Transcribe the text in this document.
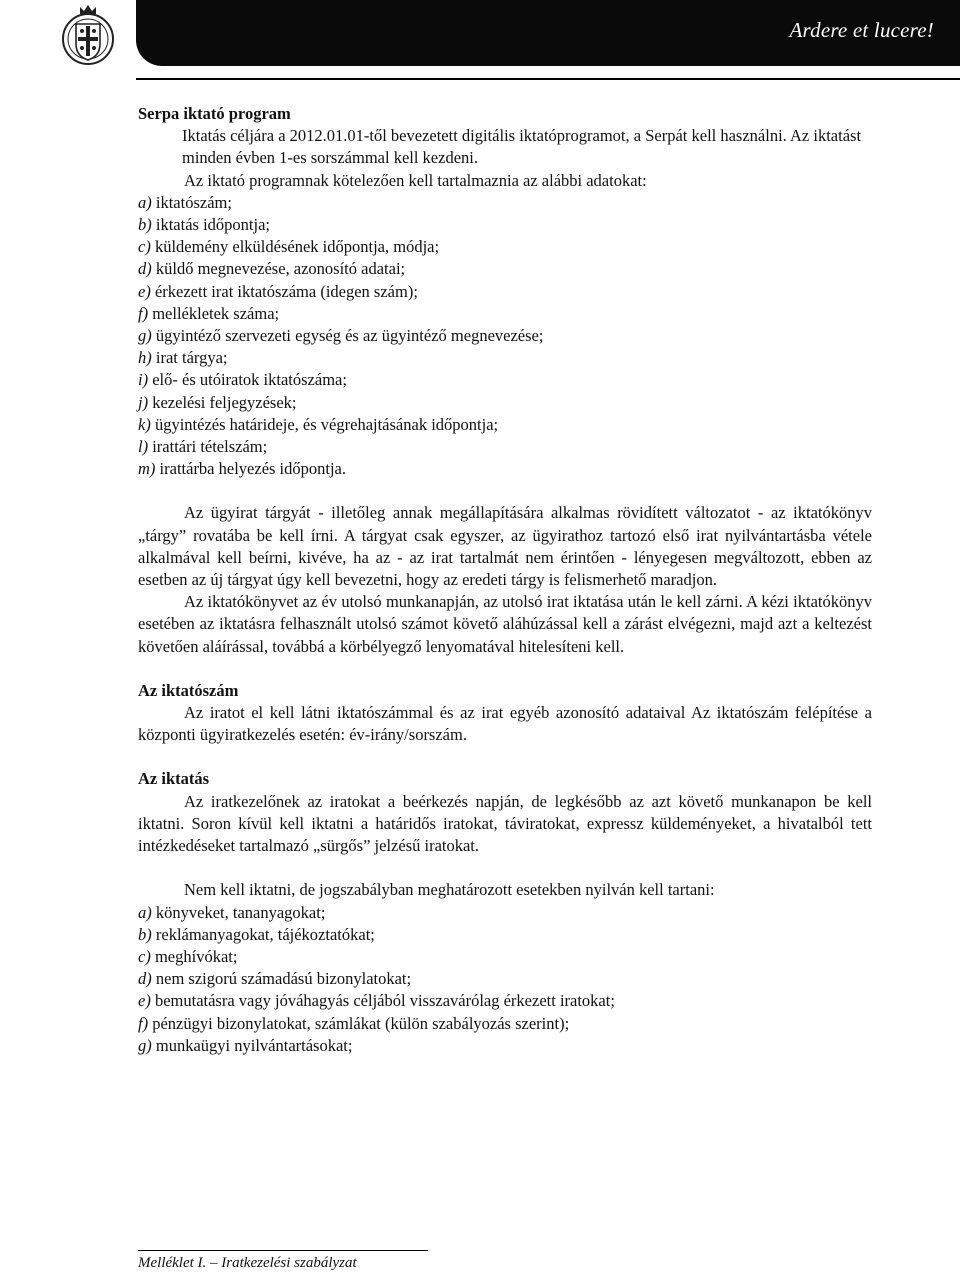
Ardere et lucere!

Serpa iktató program

Iktatás céljára a 2012.01.01-től bevezetett digitális iktatóprogramot, a Serpát kell használni. Az iktatást minden évben 1-es sorszámmal kell kezdeni.

Az iktató programnak kötelezően kell tartalmaznia az alábbi adatokat:

a) iktatószám;
b) iktatás időpontja;
c) küldemény elküldésének időpontja, módja;
d) küldő megnevezése, azonosító adatai;
e) érkezett irat iktatószáma (idegen szám);
f) mellékletek száma;
g) ügyintéző szervezeti egység és az ügyintéző megnevezése;
h) irat tárgya;
i) elő- és utóiratok iktatószáma;
j) kezelési feljegyzések;
k) ügyintézés határideje, és végrehajtásának időpontja;
l) irattári tételszám;
m) irattárba helyezés időpontja.

Az ügyirat tárgyát - illetőleg annak megállapítására alkalmas rövidített változatot - az iktatókönyv „tárgy” rovatába be kell írni. A tárgyat csak egyszer, az ügyirathoz tartozó első irat nyilvántartásba vétele alkalmával kell beírni, kivéve, ha az - az irat tartalmát nem érintően - lényegesen megváltozott, ebben az esetben az új tárgyat úgy kell bevezetni, hogy az eredeti tárgy is felismerhető maradjon.

Az iktatókönyvet az év utolsó munkanapján, az utolsó irat iktatása után le kell zárni. A kézi iktatókönyv esetében az iktatásra felhasznált utolsó számot követő aláhúzással kell a zárást elvégezni, majd azt a keltezést követően aláírással, továbbá a körbélyegző lenyomatával hitelesíteni kell.

Az iktatószám

Az iratot el kell látni iktatószámmal és az irat egyéb azonosító adataival Az iktatószám felépítése a központi ügyiratkezelés esetén: év-irány/sorszám.

Az iktatás

Az iratkezelőnek az iratokat a beérkezés napján, de legkésőbb az azt követő munkanapon be kell iktatni. Soron kívül kell iktatni a határidős iratokat, táviratokat, expressz küldeményeket, a hivatalból tett intézkedéseket tartalmazó „sürgős” jelzésű iratokat.

Nem kell iktatni, de jogszabályban meghatározott esetekben nyilván kell tartani:

a) könyveket, tananyagokat;
b) reklámanyagokat, tájékoztatókat;
c) meghívókat;
d) nem szigorú számadású bizonylatokat;
e) bemutatásra vagy jóváhagyás céljából visszavárólag érkezett iratokat;
f) pénzügyi bizonylatokat, számlákat (külön szabályozás szerint);
g) munkaügyi nyilvántartásokat;
Melléklet I. – Iratkezelési szabályzat
